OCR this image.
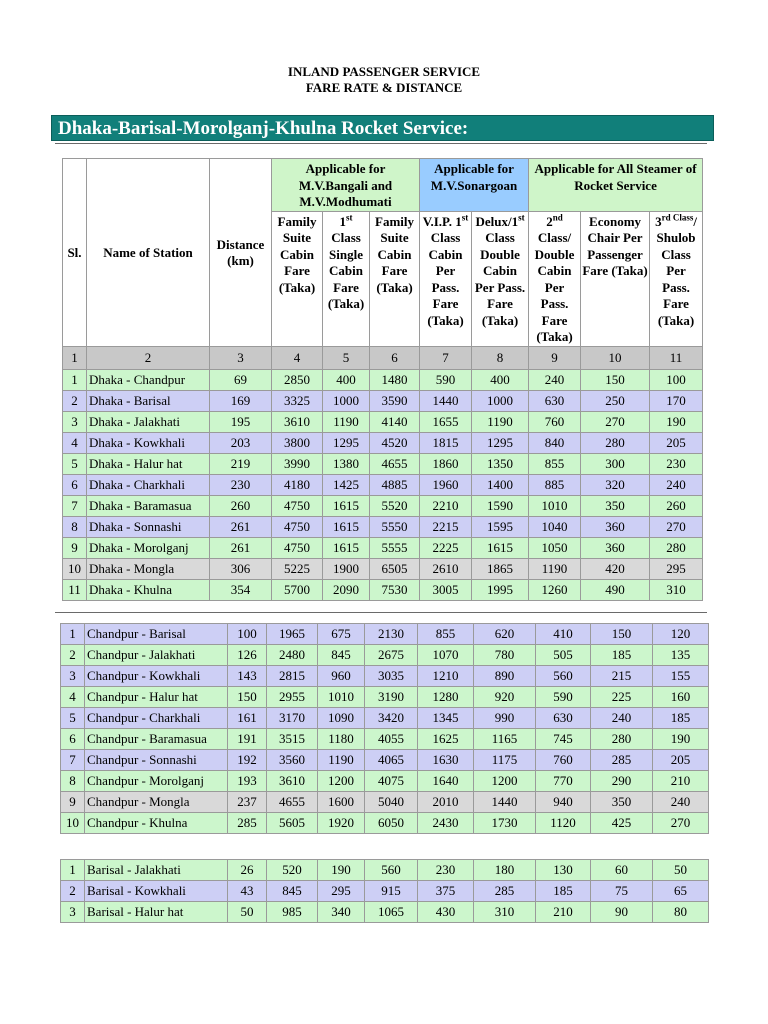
INLAND PASSENGER SERVICE
FARE RATE & DISTANCE
Dhaka-Barisal-Morolganj-Khulna Rocket Service:
Sl.	Name of Station	Distance (km)	Applicable for M.V.Bangali and M.V.Modhumati			Applicable for M.V.Sonargoan		Applicable for All Steamer of Rocket Service		
			Family Suite Cabin Fare (Taka)	1st Class Single Cabin Fare (Taka)	Family Suite Cabin Fare (Taka)	V.I.P. 1st Class Cabin Per Pass. Fare (Taka)	Delux/1st Class Double Cabin Per Pass. Fare (Taka)	2nd Class/ Double Cabin Per Pass. Fare (Taka)	Economy Chair Per Passenger Fare (Taka)	$3^{rd Class}/$ Shulob Class Per Pass. Fare (Taka)
1	2	3	4	5	6	7	8	9	10	11
1	Dhaka - Chandpur	69	2850	400	1480	590	400	240	150	100
2	Dhaka - Barisal	169	3325	1000	3590	1440	1000	630	250	170
3	Dhaka - Jalakhati	195	3610	1190	4140	1655	1190	760	270	190
4	Dhaka - Kowkhali	203	3800	1295	4520	1815	1295	840	280	205
5	Dhaka - Halur hat	219	3990	1380	4655	1860	1350	855	300	230
6	Dhaka - Charkhali	230	4180	1425	4885	1960	1400	885	320	240
7	Dhaka - Baramasua	260	4750	1615	5520	2210	1590	1010	350	260
8	Dhaka - Sonnashi	261	4750	1615	5550	2215	1595	1040	360	270
9	Dhaka - Morolganj	261	4750	1615	5555	2225	1615	1050	360	280
10	Dhaka - Mongla	306	5225	1900	6505	2610	1865	1190	420	295
11	Dhaka - Khulna	354	5700	2090	7530	3005	1995	1260	490	310
1	Chandpur - Barisal	100	1965	675	2130	855	620	410	150	120
2	Chandpur - Jalakhati	126	2480	845	2675	1070	780	505	185	135
3	Chandpur - Kowkhali	143	2815	960	3035	1210	890	560	215	155
4	Chandpur - Halur hat	150	2955	1010	3190	1280	920	590	225	160
5	Chandpur - Charkhali	161	3170	1090	3420	1345	990	630	240	185
6	Chandpur - Baramasua	191	3515	1180	4055	1625	1165	745	280	190
7	Chandpur - Sonnashi	192	3560	1190	4065	1630	1175	760	285	205
8	Chandpur - Morolganj	193	3610	1200	4075	1640	1200	770	290	210
9	Chandpur - Mongla	237	4655	1600	5040	2010	1440	940	350	240
10	Chandpur - Khulna	285	5605	1920	6050	2430	1730	1120	425	270
1	Barisal - Jalakhati	26	520	190	560	230	180	130	60	50
2	Barisal - Kowkhali	43	845	295	915	375	285	185	75	65
3	Barisal - Halur hat	50	985	340	1065	430	310	210	90	80
